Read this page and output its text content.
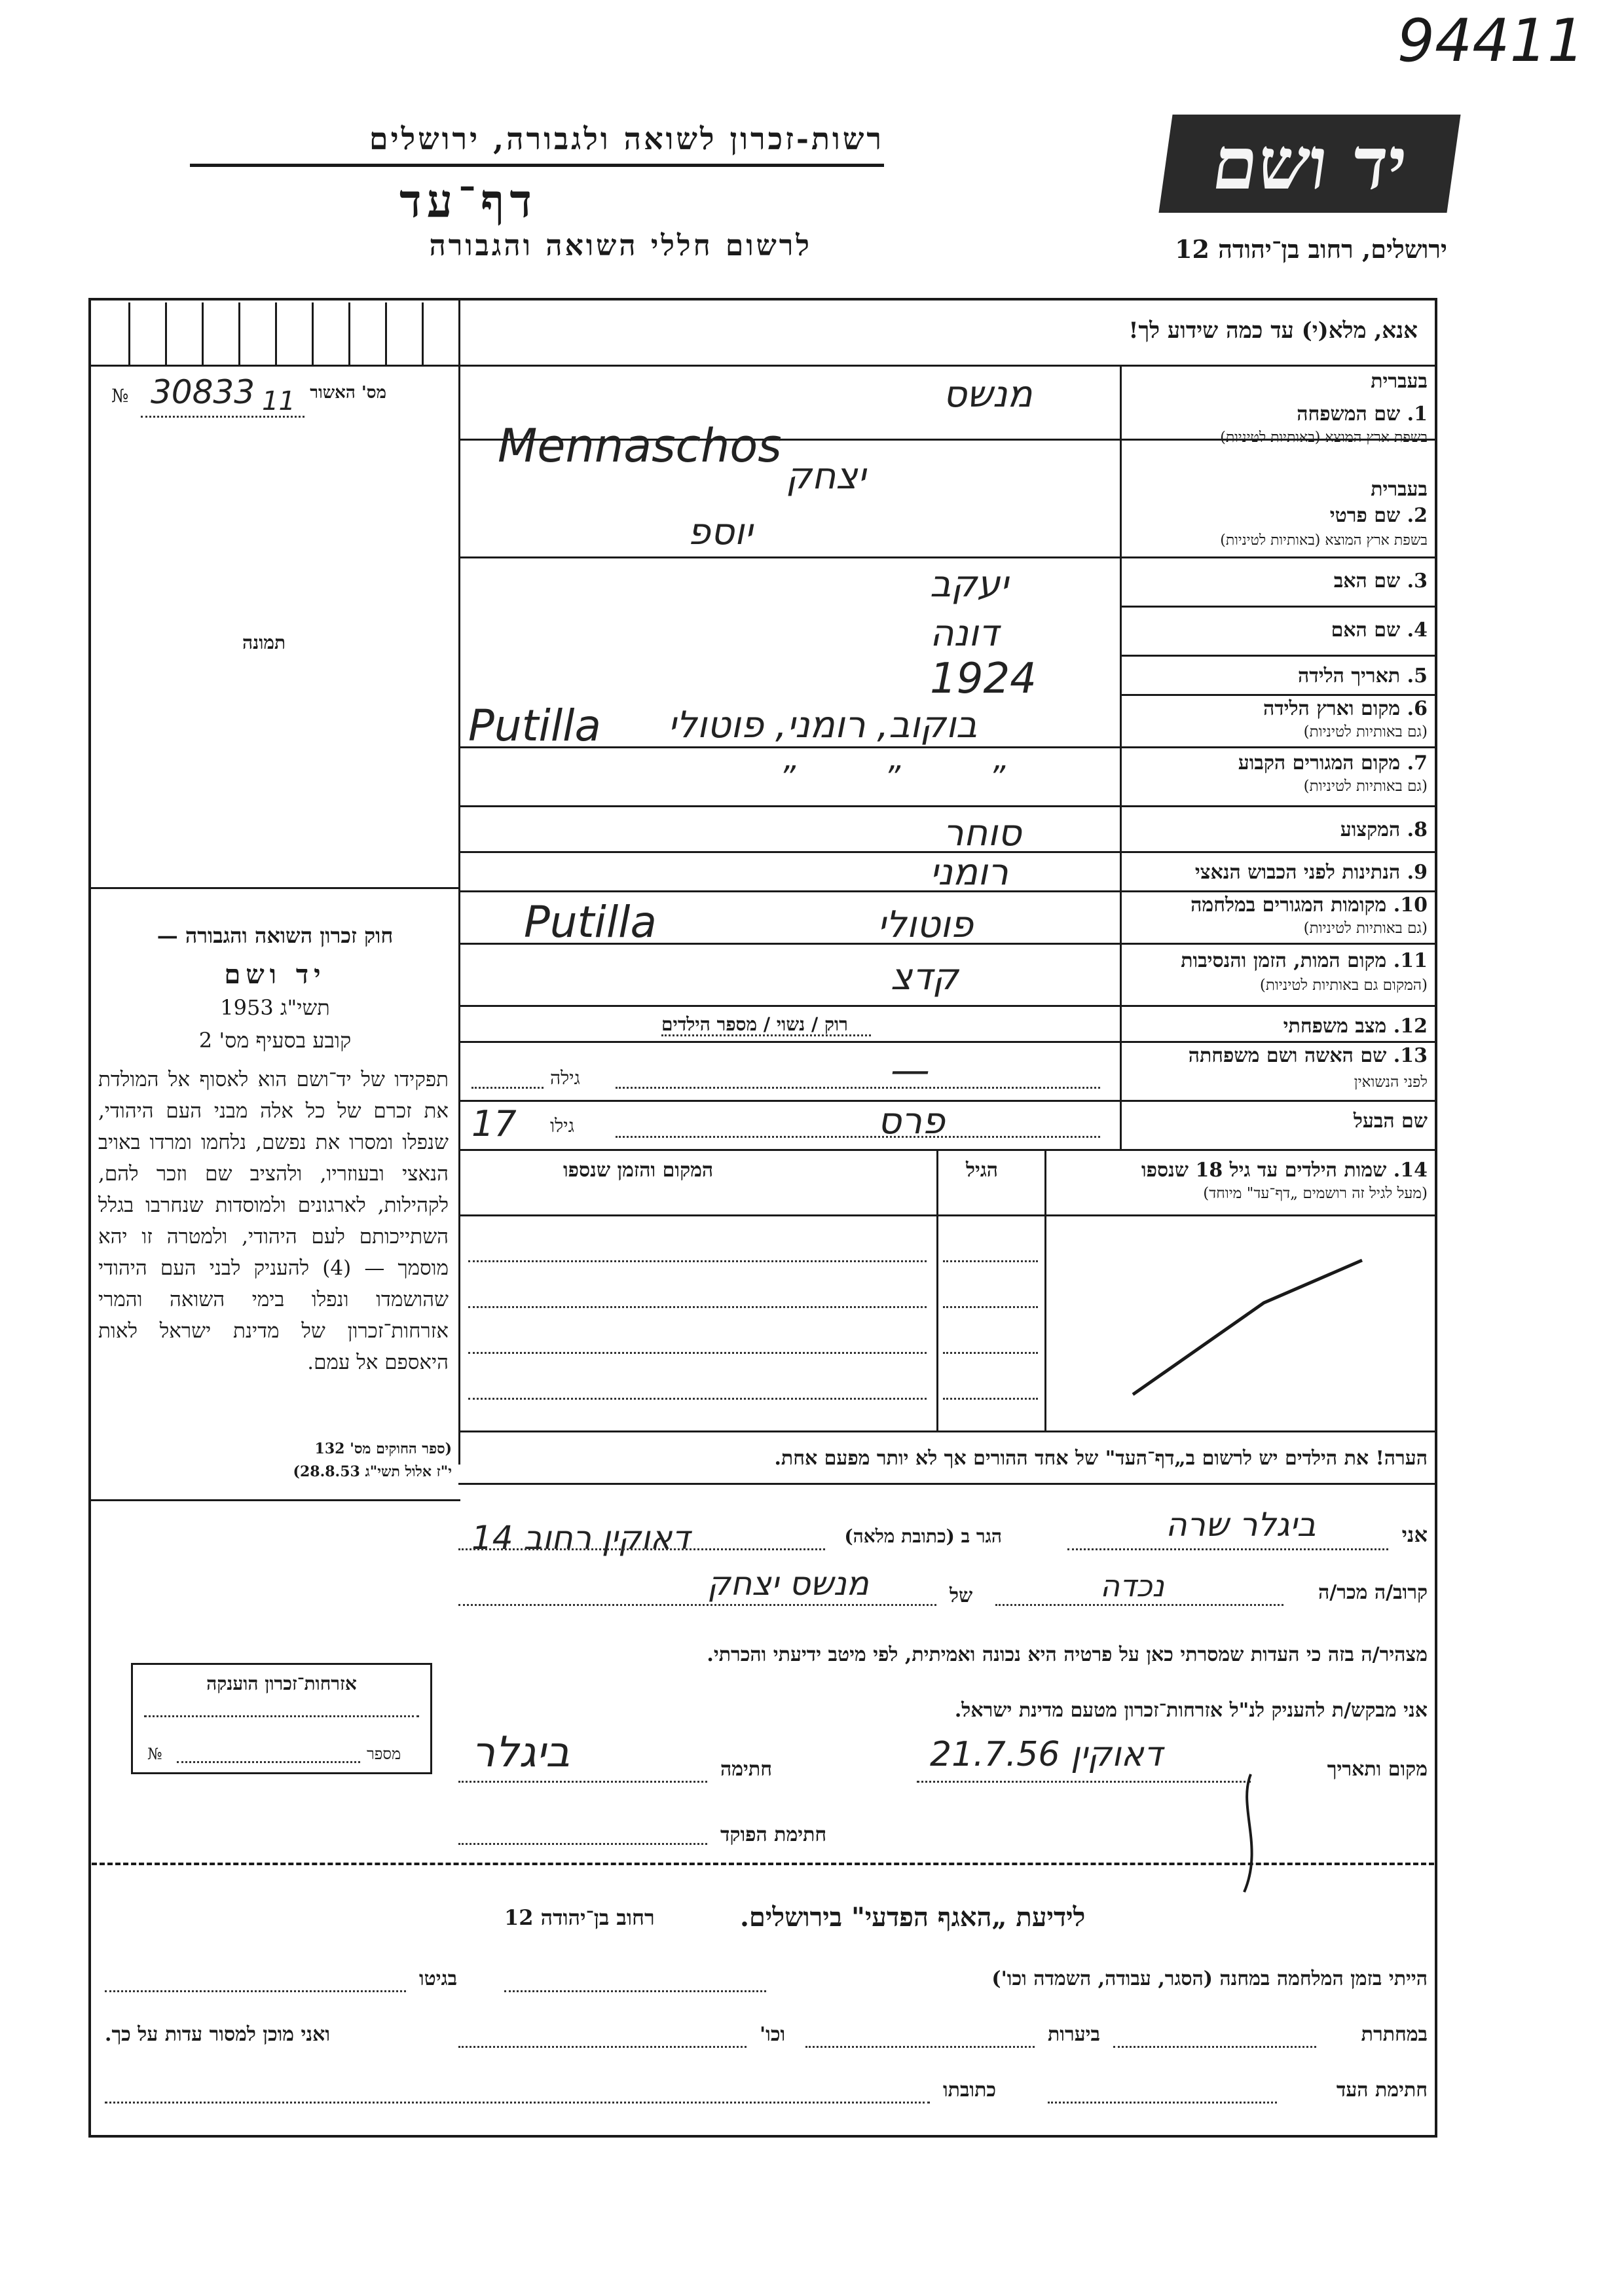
94411
יד ושם
רשות-זכרון לשואה ולגבורה, ירושלים
דף־עד
לרשום חללי השואה והגבורה	ירושלים, רחוב בן־יהודה 12
אנא, מלא(י) עד כמה שידוע לך!
מס' האשור
№ 30833 11
תמונה
בעברית
1. שם המשפחה
בשפת ארץ המוצא (באותיות לטיניות)
מנשס
Mennaschos
בעברית
2. שם פרטי
בשפת ארץ המוצא (באותיות לטיניות)
יצחק
יוספ
3. שם האב
יעקב
4. שם האם
דונה
5. תאריך הלידה
1924
6. מקום וארץ הלידה
(גם באותיות לטיניות)
בוקוב, רומני, פוטולי
Putilla
7. מקום המגורים הקבוע
(גם באותיות לטיניות)
” ” ”
8. המקצוע
סוחר
9. הנתינות לפני הכבוש הנאצי
רומני
10. מקומות המגורים במלחמה
(גם באותיות לטיניות)
פוטולי
Putilla
11. מקום המות, הזמן והנסיבות
(המקום גם באותיות לטיניות)
קדצ
12. מצב משפחתי
רוק / נשוי / מספר הילדים
13. שם האשה ושם משפחתה
לפני הנשואין
גילה	—
שם הבעל
גילו
17	פרס
14. שמות הילדים עד גיל 18 שנספו
(מעל לגיל זה רושמים „דף־עד" מיוחד)
הגיל
המקום והזמן שנספו
חוק זכרון השואה והגבורה —
יד ושם
תשי"ג 1953
קובע בסעיף מס' 2
תפקידו של יד־ושם הוא לאסוף אל המולדת את זכרם של כל אלה מבני העם היהודי, שנפלו ומסרו את נפשם, נלחמו ומרדו באויב הנאצי ובעוזריו, ולהציב שם וזכר להם, לקהילות, לארגונים ולמוסדות שנחרבו בגלל השתייכותם לעם היהודי, ולמטרה זו יהא מוסמך — (4) להעניק לבני העם היהודי שהושמדו ונפלו בימי השואה והמרי אזרחות־זכרון של מדינת ישראל לאות היאספם אל עמם.
(ספר החוקים מס' 132
י"ז אלול תשי"ג 28.8.53)
הערה! את הילדים יש לרשום ב„דף־העד" של אחד ההורים אך לא יותר מפעם אחת.
אני
ביגלר שרה
הגר ב (כתובת מלאה)
דאוקין רחוב 14
קרוב/ה מכר/ה
נכדה
של
מנשס יצחק
מצהיר/ה בזה כי העדות שמסרתי כאן על פרטיה היא נכונה ואמיתית, לפי מיטב ידיעתי והכרתי.
אני מבקש/ת להעניק לנ"ל אזרחות־זכרון מטעם מדינת ישראל.
מקום ותאריך
דאוקין 21.7.56
חתימה
ביגלר
חתימת הפוקד
אזרחות־זכרון הוענקה
מספר
№
לידיעת „האגף הפדעי" בירושלים.
רחוב בן־יהודה 12
הייתי בזמן המלחמה במחנה (הסגר, עבודה, השמדה וכו')
בגיטו
במחתרת
ביערות
וכו'
ואני מוכן למסור עדות על כך.
חתימת העד
כתובתו
